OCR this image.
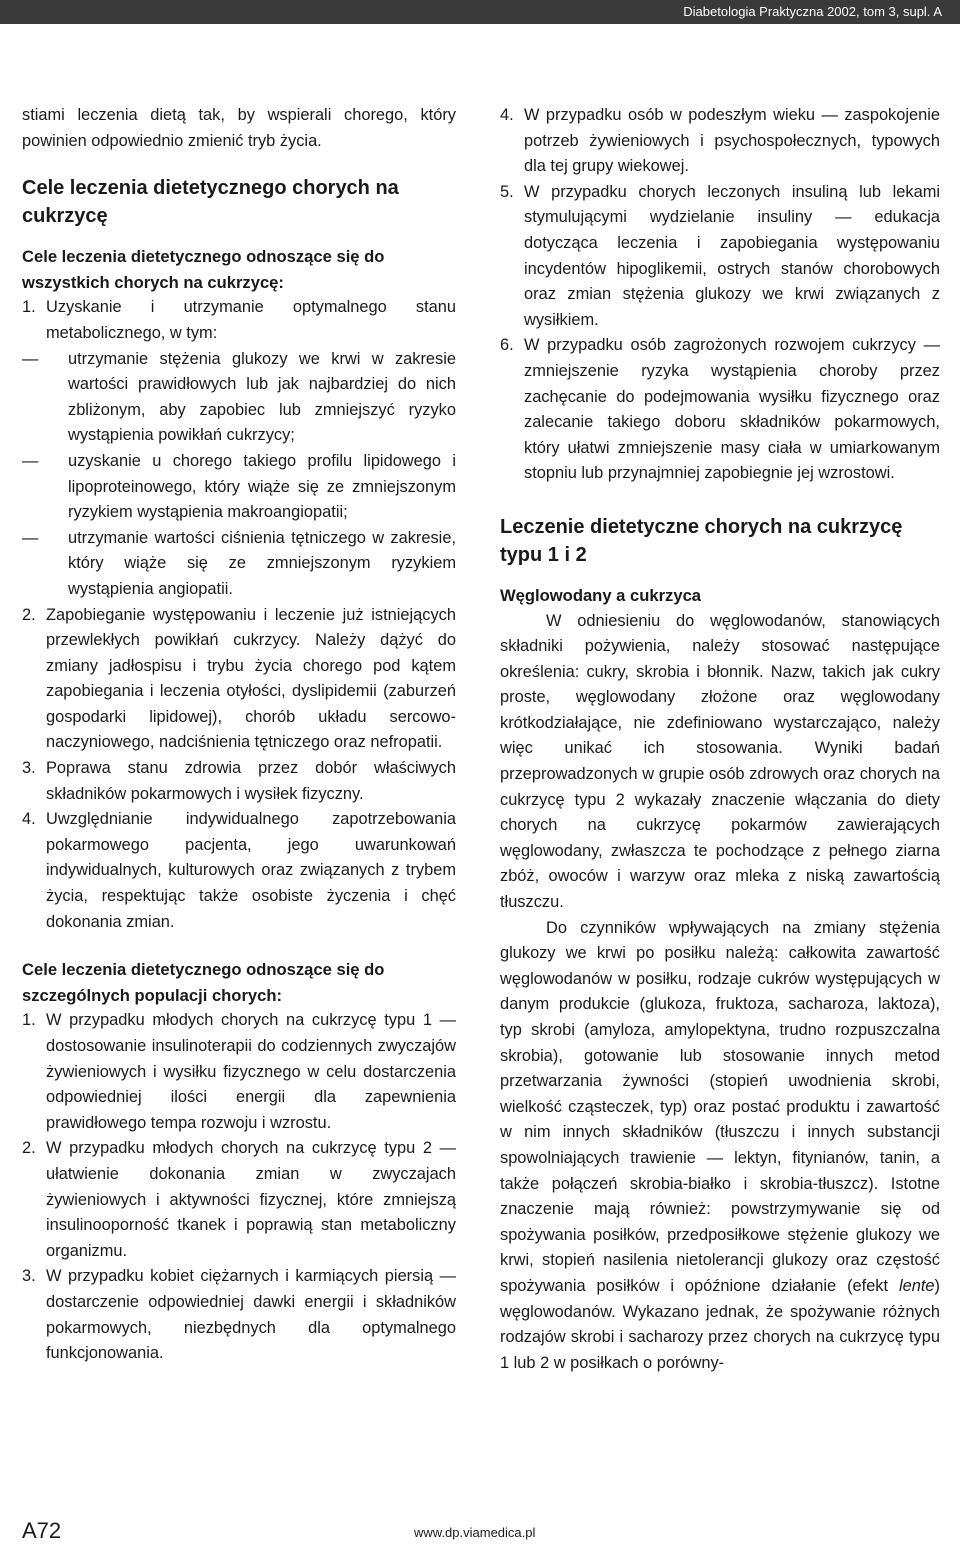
Diabetologia Praktyczna 2002, tom 3, supl. A

stiami leczenia dietą tak, by wspierali chorego, który powinien odpowiednio zmienić tryb życia.

Cele leczenia dietetycznego chorych na cukrzycę
Cele leczenia dietetycznego odnoszące się do wszystkich chorych na cukrzycę:
1. Uzyskanie i utrzymanie optymalnego stanu metabolicznego, w tym:
— utrzymanie stężenia glukozy we krwi w zakresie wartości prawidłowych lub jak najbardziej do nich zbliżonym, aby zapobiec lub zmniejszyć ryzyko wystąpienia powikłań cukrzycy;
— uzyskanie u chorego takiego profilu lipidowego i lipoproteinowego, który wiąże się ze zmniejszonym ryzykiem wystąpienia makroangiopatii;
— utrzymanie wartości ciśnienia tętniczego w zakresie, który wiąże się ze zmniejszonym ryzykiem wystąpienia angiopatii.
2. Zapobieganie występowaniu i leczenie już istniejących przewlekłych powikłań cukrzycy. Należy dążyć do zmiany jadłospisu i trybu życia chorego pod kątem zapobiegania i leczenia otyłości, dyslipidemii (zaburzeń gospodarki lipidowej), chorób układu sercowo-naczyniowego, nadciśnienia tętniczego oraz nefropatii.
3. Poprawa stanu zdrowia przez dobór właściwych składników pokarmowych i wysiłek fizyczny.
4. Uwzględnianie indywidualnego zapotrzebowania pokarmowego pacjenta, jego uwarunkowań indywidualnych, kulturowych oraz związanych z trybem życia, respektując także osobiste życzenia i chęć dokonania zmian.
Cele leczenia dietetycznego odnoszące się do szczególnych populacji chorych:
1. W przypadku młodych chorych na cukrzycę typu 1 — dostosowanie insulinoterapii do codziennych zwyczajów żywieniowych i wysiłku fizycznego w celu dostarczenia odpowiedniej ilości energii dla zapewnienia prawidłowego tempa rozwoju i wzrostu.
2. W przypadku młodych chorych na cukrzycę typu 2 — ułatwienie dokonania zmian w zwyczajach żywieniowych i aktywności fizycznej, które zmniejszą insulinooporność tkanek i poprawią stan metaboliczny organizmu.
3. W przypadku kobiet ciężarnych i karmiących piersią — dostarczenie odpowiedniej dawki energii i składników pokarmowych, niezbędnych dla optymalnego funkcjonowania.
4. W przypadku osób w podeszłym wieku — zaspokojenie potrzeb żywieniowych i psychospołecznych, typowych dla tej grupy wiekowej.
5. W przypadku chorych leczonych insuliną lub lekami stymulującymi wydzielanie insuliny — edukacja dotycząca leczenia i zapobiegania występowaniu incydentów hipoglikemii, ostrych stanów chorobowych oraz zmian stężenia glukozy we krwi związanych z wysiłkiem.
6. W przypadku osób zagrożonych rozwojem cukrzycy — zmniejszenie ryzyka wystąpienia choroby przez zachęcanie do podejmowania wysiłku fizycznego oraz zalecanie takiego doboru składników pokarmowych, który ułatwi zmniejszenie masy ciała w umiarkowanym stopniu lub przynajmniej zapobiegnie jej wzrostowi.
Leczenie dietetyczne chorych na cukrzycę typu 1 i 2
Węglowodany a cukrzyca

W odniesieniu do węglowodanów, stanowiących składniki pożywienia, należy stosować następujące określenia: cukry, skrobia i błonnik. Nazw, takich jak cukry proste, węglowodany złożone oraz węglowodany krótkodziałające, nie zdefiniowano wystarczająco, należy więc unikać ich stosowania. Wyniki badań przeprowadzonych w grupie osób zdrowych oraz chorych na cukrzycę typu 2 wykazały znaczenie włączania do diety chorych na cukrzycę pokarmów zawierających węglowodany, zwłaszcza te pochodzące z pełnego ziarna zbóż, owoców i warzyw oraz mleka z niską zawartością tłuszczu.

Do czynników wpływających na zmiany stężenia glukozy we krwi po posiłku należą: całkowita zawartość węglowodanów w posiłku, rodzaje cukrów występujących w danym produkcie (glukoza, fruktoza, sacharoza, laktoza), typ skrobi (amyloza, amylopektyna, trudno rozpuszczalna skrobia), gotowanie lub stosowanie innych metod przetwarzania żywności (stopień uwodnienia skrobi, wielkość cząsteczek, typ) oraz postać produktu i zawartość w nim innych składników (tłuszczu i innych substancji spowolniających trawienie — lektyn, fitynianów, tanin, a także połączeń skrobia-białko i skrobia-tłuszcz). Istotne znaczenie mają również: powstrzymywanie się od spożywania posiłków, przedposiłkowe stężenie glukozy we krwi, stopień nasilenia nietolerancji glukozy oraz częstość spożywania posiłków i opóźnione działanie (efekt lente) węglowodanów. Wykazano jednak, że spożywanie różnych rodzajów skrobi i sacharozy przez chorych na cukrzycę typu 1 lub 2 w posiłkach o porówny-

A72	www.dp.viamedica.pl
